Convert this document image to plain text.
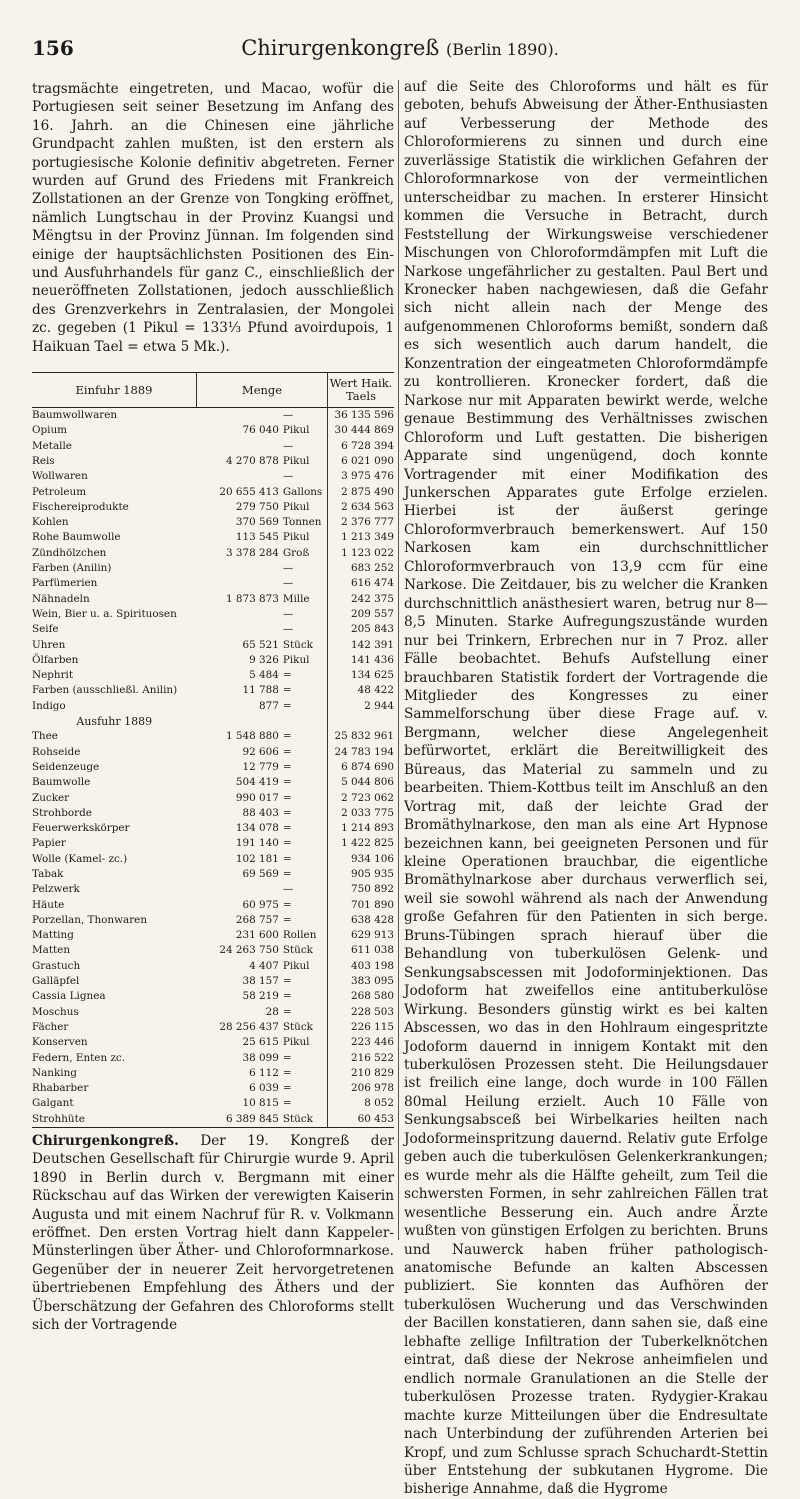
156	Chirurgenkongreß (Berlin 1890).

tragsmächte eingetreten, und Macao, wofür die Portugiesen seit seiner Besetzung im Anfang des 16. Jahrh. an die Chinesen eine jährliche Grundpacht zahlen mußten, ist den erstern als portugiesische Kolonie definitiv abgetreten. Ferner wurden auf Grund des Friedens mit Frankreich Zollstationen an der Grenze von Tongking eröffnet, nämlich Lungtschau in der Provinz Kuangsi und Mëngtsu in der Provinz Jünnan. Im folgenden sind einige der hauptsächlichsten Positionen des Ein- und Ausfuhrhandels für ganz C., einschließlich der neueröffneten Zollstationen, jedoch ausschließlich des Grenzverkehrs in Zentralasien, der Mongolei zc. gegeben (1 Pikul = 133⅓ Pfund avoirdupois, 1 Haikuan Tael = etwa 5 Mk.).

Einfuhr 1889	Menge		Wert Haik. Taels
Baumwollwaren		—	36 135 596
Opium	76 040	Pikul	30 444 869
Metalle		—	6 728 394
Reis	4 270 878	Pikul	6 021 090
Wollwaren		—	3 975 476
Petroleum	20 655 413	Gallons	2 875 490
Fischereiprodukte	279 750	Pikul	2 634 563
Kohlen	370 569	Tonnen	2 376 777
Rohe Baumwolle	113 545	Pikul	1 213 349
Zündhölzchen	3 378 284	Groß	1 123 022
Farben (Anilin)		—	683 252
Parfümerien		—	616 474
Nähnadeln	1 873 873	Mille	242 375
Wein, Bier u. a. Spirituosen		—	209 557
Seife		—	205 843
Uhren	65 521	Stück	142 391
Ölfarben	9 326	Pikul	141 436
Nephrit	5 484	=	134 625
Farben (ausschließl. Anilin)	11 788	=	48 422
Indigo	877	=	2 944
Ausfuhr 1889			
Thee	1 548 880	=	25 832 961
Rohseide	92 606	=	24 783 194
Seidenzeuge	12 779	=	6 874 690
Baumwolle	504 419	=	5 044 806
Zucker	990 017	=	2 723 062
Strohborde	88 403	=	2 033 775
Feuerwerkskörper	134 078	=	1 214 893
Papier	191 140	=	1 422 825
Wolle (Kamel- zc.)	102 181	=	934 106
Tabak	69 569	=	905 935
Pelzwerk		—	750 892
Häute	60 975	=	701 890
Porzellan, Thonwaren	268 757	=	638 428
Matting	231 600	Rollen	629 913
Matten	24 263 750	Stück	611 038
Grastuch	4 407	Pikul	403 198
Galläpfel	38 157	=	383 095
Cassia Lignea	58 219	=	268 580
Moschus	28	=	228 503
Fächer	28 256 437	Stück	226 115
Konserven	25 615	Pikul	223 446
Federn, Enten zc.	38 099	=	216 522
Nanking	6 112	=	210 829
Rhabarber	6 039	=	206 978
Galgant	10 815	=	8 052
Strohhüte	6 389 845	Stück	60 453

Chirurgenkongreß. Der 19. Kongreß der Deutschen Gesellschaft für Chirurgie wurde 9. April 1890 in Berlin durch v. Bergmann mit einer Rückschau auf das Wirken der verewigten Kaiserin Augusta und mit einem Nachruf für R. v. Volkmann eröffnet. Den ersten Vortrag hielt dann Kappeler-Münsterlingen über Äther- und Chloroformnarkose. Gegenüber der in neuerer Zeit hervorgetretenen übertriebenen Empfehlung des Äthers und der Überschätzung der Gefahren des Chloroforms stellt sich der Vortragende

auf die Seite des Chloroforms und hält es für geboten, behufs Abweisung der Äther-Enthusiasten auf Verbesserung der Methode des Chloroformierens zu sinnen und durch eine zuverlässige Statistik die wirklichen Gefahren der Chloroformnarkose von der vermeintlichen unterscheidbar zu machen. In ersterer Hinsicht kommen die Versuche in Betracht, durch Feststellung der Wirkungsweise verschiedener Mischungen von Chloroformdämpfen mit Luft die Narkose ungefährlicher zu gestalten. Paul Bert und Kronecker haben nachgewiesen, daß die Gefahr sich nicht allein nach der Menge des aufgenommenen Chloroforms bemißt, sondern daß es sich wesentlich auch darum handelt, die Konzentration der eingeatmeten Chloroformdämpfe zu kontrollieren. Kronecker fordert, daß die Narkose nur mit Apparaten bewirkt werde, welche genaue Bestimmung des Verhältnisses zwischen Chloroform und Luft gestatten. Die bisherigen Apparate sind ungenügend, doch konnte Vortragender mit einer Modifikation des Junkerschen Apparates gute Erfolge erzielen. Hierbei ist der äußerst geringe Chloroformverbrauch bemerkenswert. Auf 150 Narkosen kam ein durchschnittlicher Chloroformverbrauch von 13,9 ccm für eine Narkose. Die Zeitdauer, bis zu welcher die Kranken durchschnittlich anästhesiert waren, betrug nur 8—8,5 Minuten. Starke Aufregungszustände wurden nur bei Trinkern, Erbrechen nur in 7 Proz. aller Fälle beobachtet. Behufs Aufstellung einer brauchbaren Statistik fordert der Vortragende die Mitglieder des Kongresses zu einer Sammelforschung über diese Frage auf. v. Bergmann, welcher diese Angelegenheit befürwortet, erklärt die Bereitwilligkeit des Büreaus, das Material zu sammeln und zu bearbeiten. Thiem-Kottbus teilt im Anschluß an den Vortrag mit, daß der leichte Grad der Bromäthylnarkose, den man als eine Art Hypnose bezeichnen kann, bei geeigneten Personen und für kleine Operationen brauchbar, die eigentliche Bromäthylnarkose aber durchaus verwerflich sei, weil sie sowohl während als nach der Anwendung große Gefahren für den Patienten in sich berge. Bruns-Tübingen sprach hierauf über die Behandlung von tuberkulösen Gelenk- und Senkungsabscessen mit Jodoforminjektionen. Das Jodoform hat zweifellos eine antituberkulöse Wirkung. Besonders günstig wirkt es bei kalten Abscessen, wo das in den Hohlraum eingespritzte Jodoform dauernd in innigem Kontakt mit den tuberkulösen Prozessen steht. Die Heilungsdauer ist freilich eine lange, doch wurde in 100 Fällen 80mal Heilung erzielt. Auch 10 Fälle von Senkungsabsceß bei Wirbelkaries heilten nach Jodoformeinspritzung dauernd. Relativ gute Erfolge geben auch die tuberkulösen Gelenkerkrankungen; es wurde mehr als die Hälfte geheilt, zum Teil die schwersten Formen, in sehr zahlreichen Fällen trat wesentliche Besserung ein. Auch andre Ärzte wußten von günstigen Erfolgen zu berichten. Bruns und Nauwerck haben früher pathologisch-anatomische Befunde an kalten Abscessen publiziert. Sie konnten das Aufhören der tuberkulösen Wucherung und das Verschwinden der Bacillen konstatieren, dann sahen sie, daß eine lebhafte zellige Infiltration der Tuberkelknötchen eintrat, daß diese der Nekrose anheimfielen und endlich normale Granulationen an die Stelle der tuberkulösen Prozesse traten. Rydygier-Krakau machte kurze Mitteilungen über die Endresultate nach Unterbindung der zuführenden Arterien bei Kropf, und zum Schlusse sprach Schuchardt-Stettin über Entstehung der subkutanen Hygrome. Die bisherige Annahme, daß die Hygrome
